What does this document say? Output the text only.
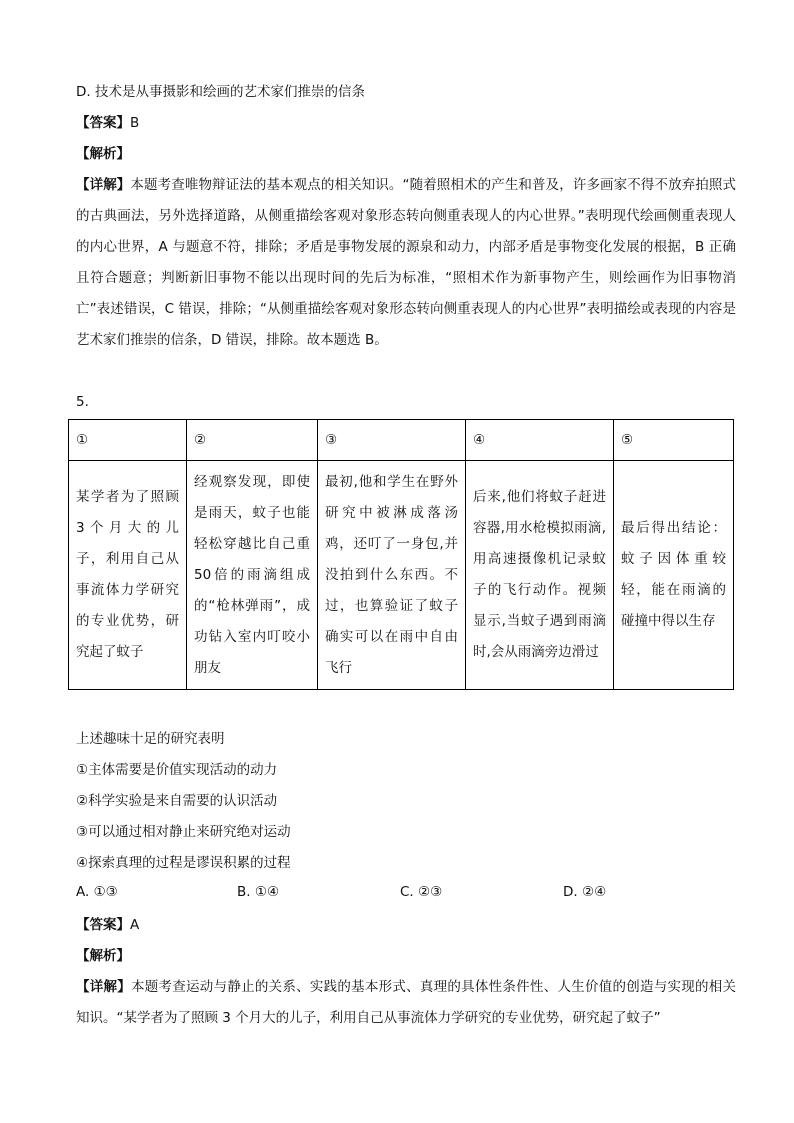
D. 技术是从事摄影和绘画的艺术家们推崇的信条
【答案】B
【解析】
【详解】本题考查唯物辩证法的基本观点的相关知识。“随着照相术的产生和普及，许多画家不得不放弃拍照式的古典画法，另外选择道路，从侧重描绘客观对象形态转向侧重表现人的内心世界。”表明现代绘画侧重表现人的内心世界，A 与题意不符，排除；矛盾是事物发展的源泉和动力，内部矛盾是事物变化发展的根据，B 正确且符合题意；判断新旧事物不能以出现时间的先后为标准，“照相术作为新事物产生，则绘画作为旧事物消亡”表述错误，C 错误，排除；“从侧重描绘客观对象形态转向侧重表现人的内心世界”表明描绘或表现的内容是艺术家们推崇的信条，D 错误，排除。故本题选 B。
5.
①	②	③	④	⑤
某学者为了照顾3个月大的儿子，利用自己从事流体力学研究的专业优势，研究起了蚊子	经观察发现，即使是雨天，蚊子也能轻松穿越比自己重50倍的雨滴组成的“枪林弹雨”，成功钻入室内叮咬小朋友	最初,他和学生在野外研究中被淋成落汤鸡，还叮了一身包,并没拍到什么东西。不过，也算验证了蚊子确实可以在雨中自由飞行	后来,他们将蚊子赶进容器,用水枪模拟雨滴,用高速摄像机记录蚊子的飞行动作。视频显示,当蚊子遇到雨滴时,会从雨滴旁边滑过	最后得出结论：蚊子因体重较轻，能在雨滴的碰撞中得以生存
上述趣味十足的研究表明
①主体需要是价值实现活动的动力
②科学实验是来自需要的认识活动
③可以通过相对静止来研究绝对运动
④探索真理的过程是谬误积累的过程
A. ①③	B. ①④	C. ②③	D. ②④
【答案】A
【解析】
【详解】本题考查运动与静止的关系、实践的基本形式、真理的具体性条件性、人生价值的创造与实现的相关知识。“某学者为了照顾 3 个月大的儿子，利用自己从事流体力学研究的专业优势，研究起了蚊子”
